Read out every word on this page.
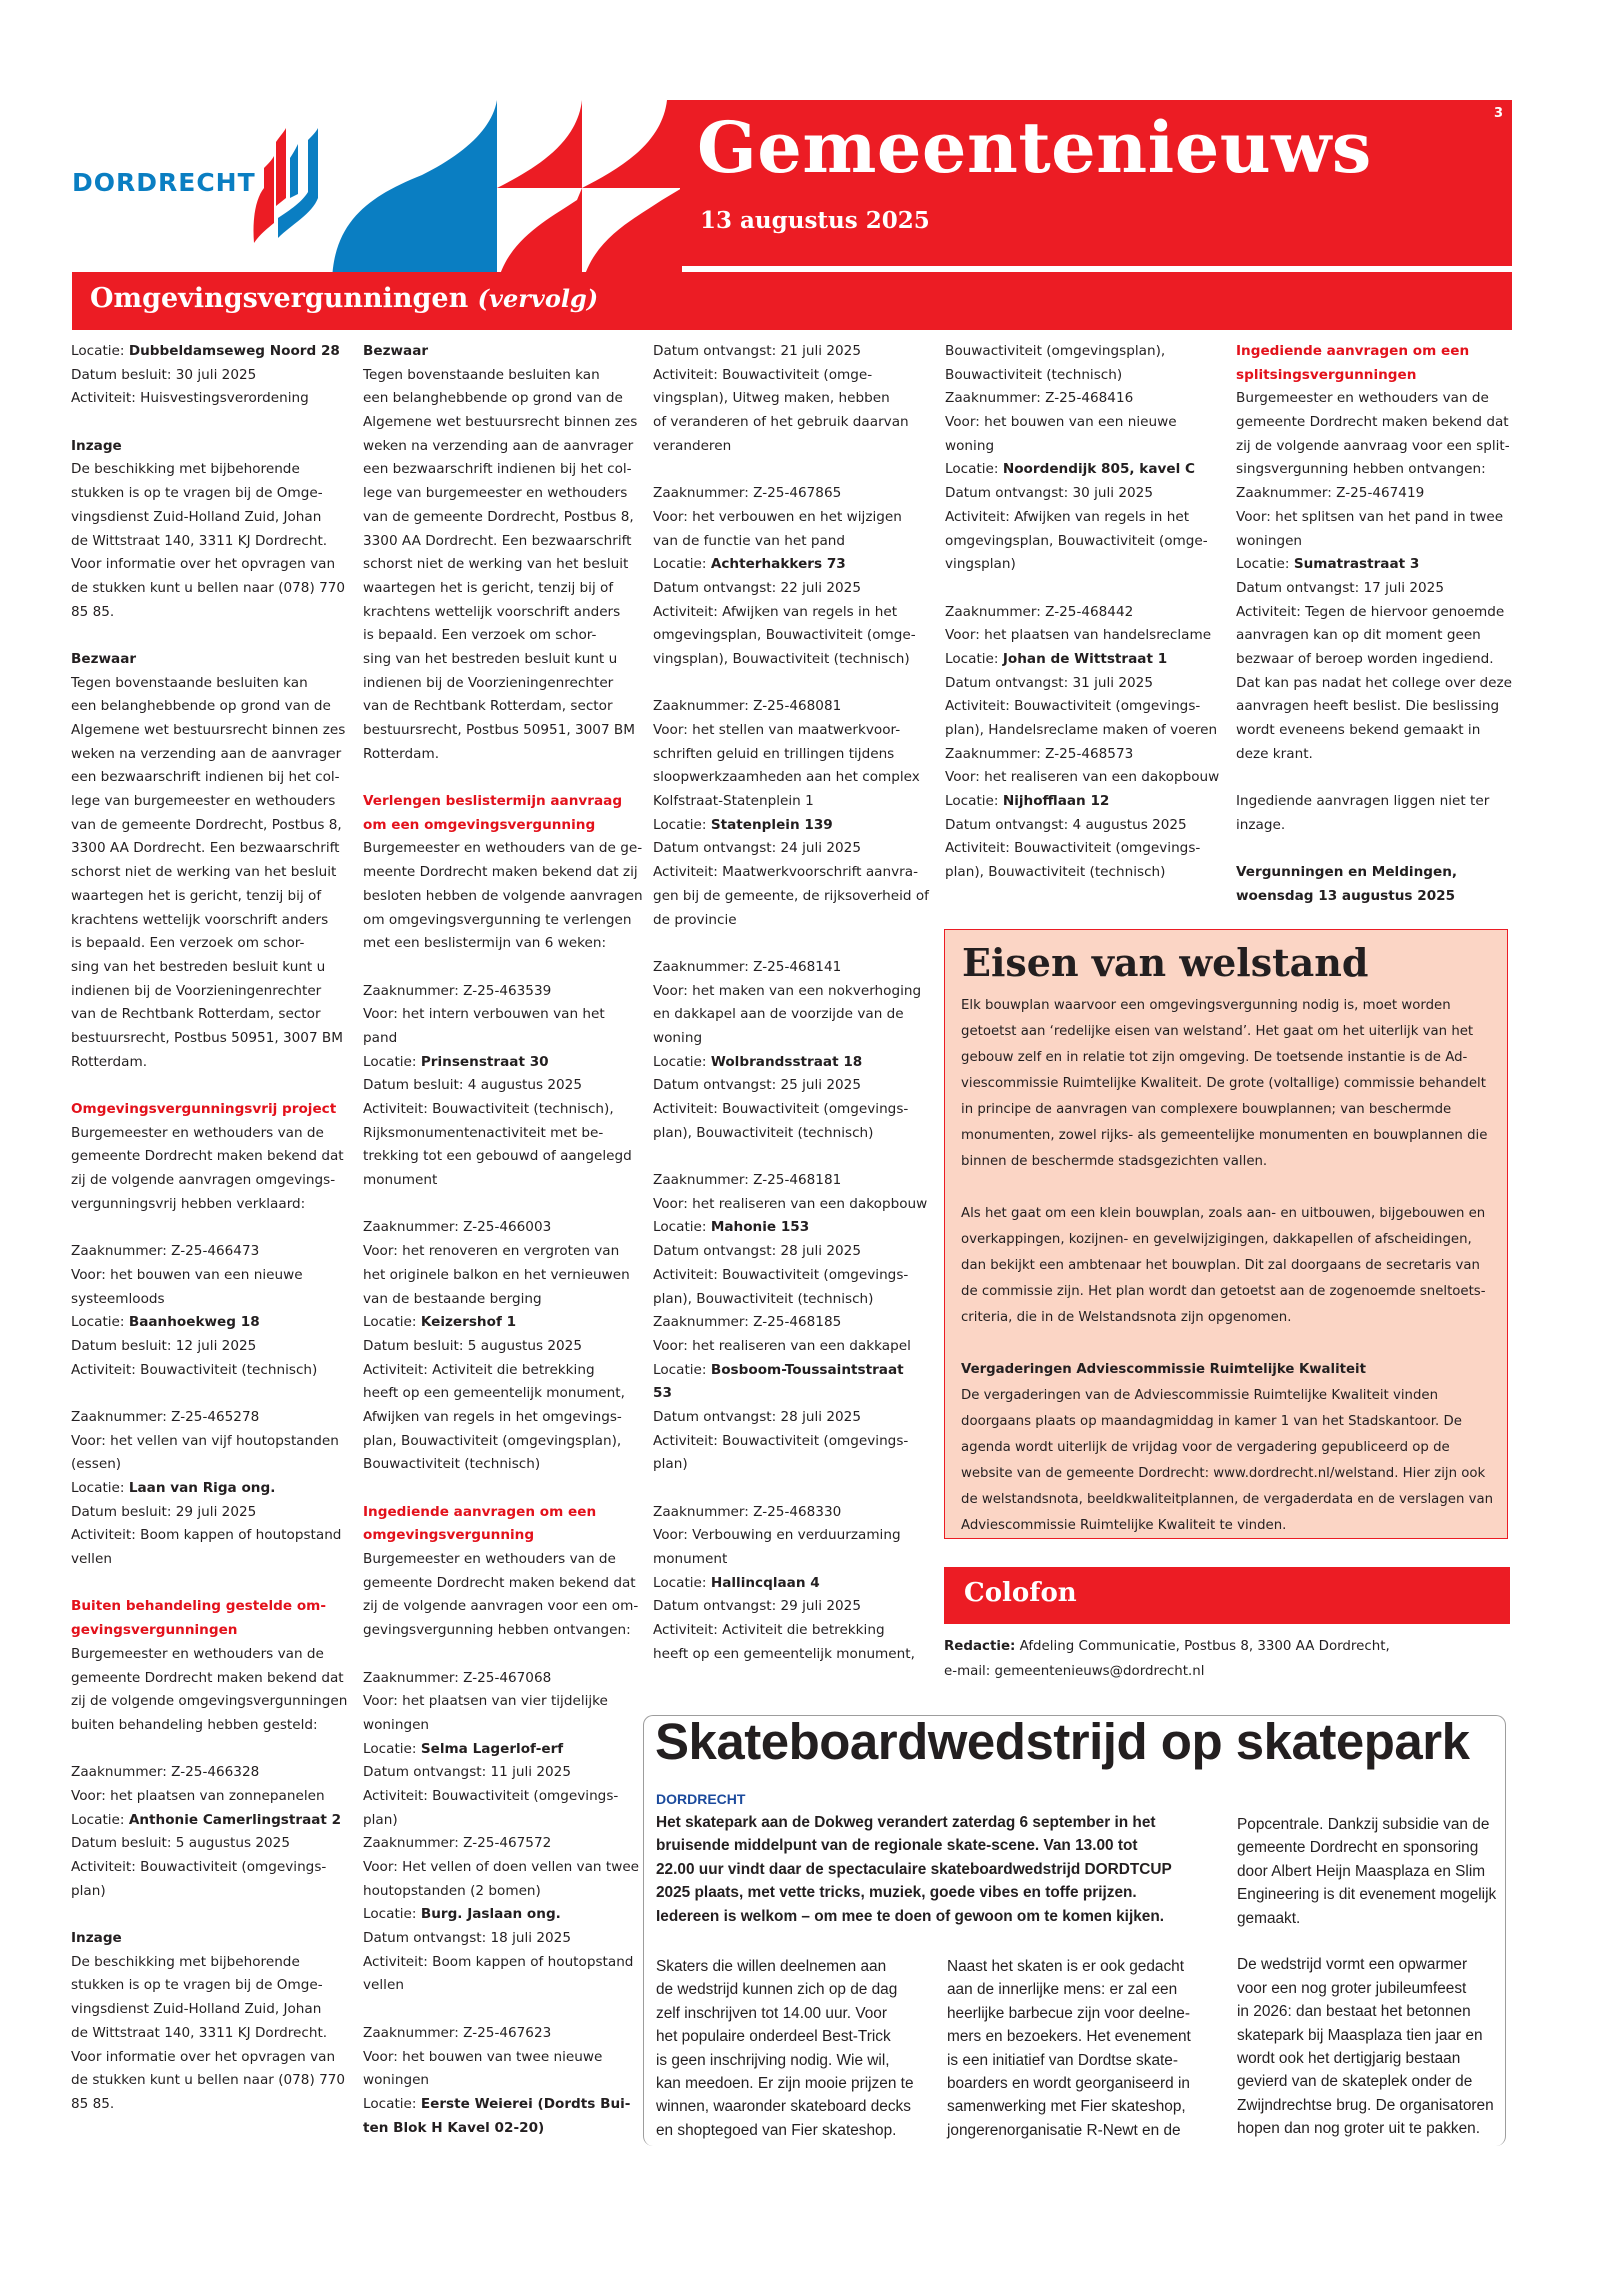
DORDRECHT	Gemeentenieuws
13 augustus 2025
3
Omgevingsvergunningen (vervolg)
Locatie: Dubbeldamseweg Noord 28
Datum besluit: 30 juli 2025
Activiteit: Huisvestingsverordening
Inzage
De beschikking met bijbehorende
stukken is op te vragen bij de Omge-
vingsdienst Zuid-Holland Zuid, Johan
de Wittstraat 140, 3311 KJ Dordrecht.
Voor informatie over het opvragen van
de stukken kunt u bellen naar (078) 770
85 85.
Bezwaar
Tegen bovenstaande besluiten kan
een belanghebbende op grond van de
Algemene wet bestuursrecht binnen zes
weken na verzending aan de aanvrager
een bezwaarschrift indienen bij het col-
lege van burgemeester en wethouders
van de gemeente Dordrecht, Postbus 8,
3300 AA Dordrecht. Een bezwaarschrift
schorst niet de werking van het besluit
waartegen het is gericht, tenzij bij of
krachtens wettelijk voorschrift anders
is bepaald. Een verzoek om schor-
sing van het bestreden besluit kunt u
indienen bij de Voorzieningenrechter
van de Rechtbank Rotterdam, sector
bestuursrecht, Postbus 50951, 3007 BM
Rotterdam.
Omgevingsvergunningsvrij project
Burgemeester en wethouders van de
gemeente Dordrecht maken bekend dat
zij de volgende aanvragen omgevings-
vergunningsvrij hebben verklaard:
Zaaknummer: Z-25-466473
Voor: het bouwen van een nieuwe
systeemloods
Locatie: Baanhoekweg 18
Datum besluit: 12 juli 2025
Activiteit: Bouwactiviteit (technisch)
Zaaknummer: Z-25-465278
Voor: het vellen van vijf houtopstanden
(essen)
Locatie: Laan van Riga ong.
Datum besluit: 29 juli 2025
Activiteit: Boom kappen of houtopstand
vellen
Buiten behandeling gestelde om-
gevingsvergunningen
Burgemeester en wethouders van de
gemeente Dordrecht maken bekend dat
zij de volgende omgevingsvergunningen
buiten behandeling hebben gesteld:
Zaaknummer: Z-25-466328
Voor: het plaatsen van zonnepanelen
Locatie: Anthonie Camerlingstraat 2
Datum besluit: 5 augustus 2025
Activiteit: Bouwactiviteit (omgevings-
plan)
Inzage
De beschikking met bijbehorende
stukken is op te vragen bij de Omge-
vingsdienst Zuid-Holland Zuid, Johan
de Wittstraat 140, 3311 KJ Dordrecht.
Voor informatie over het opvragen van
de stukken kunt u bellen naar (078) 770
85 85.
Bezwaar
Tegen bovenstaande besluiten kan
een belanghebbende op grond van de
Algemene wet bestuursrecht binnen zes
weken na verzending aan de aanvrager
een bezwaarschrift indienen bij het col-
lege van burgemeester en wethouders
van de gemeente Dordrecht, Postbus 8,
3300 AA Dordrecht. Een bezwaarschrift
schorst niet de werking van het besluit
waartegen het is gericht, tenzij bij of
krachtens wettelijk voorschrift anders
is bepaald. Een verzoek om schor-
sing van het bestreden besluit kunt u
indienen bij de Voorzieningenrechter
van de Rechtbank Rotterdam, sector
bestuursrecht, Postbus 50951, 3007 BM
Rotterdam.
Verlengen beslistermijn aanvraag
om een omgevingsvergunning
Burgemeester en wethouders van de ge-
meente Dordrecht maken bekend dat zij
besloten hebben de volgende aanvragen
om omgevingsvergunning te verlengen
met een beslistermijn van 6 weken:
Zaaknummer: Z-25-463539
Voor: het intern verbouwen van het
pand
Locatie: Prinsenstraat 30
Datum besluit: 4 augustus 2025
Activiteit: Bouwactiviteit (technisch),
Rijksmonumentenactiviteit met be-
trekking tot een gebouwd of aangelegd
monument
Zaaknummer: Z-25-466003
Voor: het renoveren en vergroten van
het originele balkon en het vernieuwen
van de bestaande berging
Locatie: Keizershof 1
Datum besluit: 5 augustus 2025
Activiteit: Activiteit die betrekking
heeft op een gemeentelijk monument,
Afwijken van regels in het omgevings-
plan, Bouwactiviteit (omgevingsplan),
Bouwactiviteit (technisch)
Ingediende aanvragen om een
omgevingsvergunning
Burgemeester en wethouders van de
gemeente Dordrecht maken bekend dat
zij de volgende aanvragen voor een om-
gevingsvergunning hebben ontvangen:
Zaaknummer: Z-25-467068
Voor: het plaatsen van vier tijdelijke
woningen
Locatie: Selma Lagerlof-erf
Datum ontvangst: 11 juli 2025
Activiteit: Bouwactiviteit (omgevings-
plan)
Zaaknummer: Z-25-467572
Voor: Het vellen of doen vellen van twee
houtopstanden (2 bomen)
Locatie: Burg. Jaslaan ong.
Datum ontvangst: 18 juli 2025
Activiteit: Boom kappen of houtopstand
vellen
Zaaknummer: Z-25-467623
Voor: het bouwen van twee nieuwe
woningen
Locatie: Eerste Weierei (Dordts Bui-
ten Blok H Kavel 02-20)
Datum ontvangst: 21 juli 2025
Activiteit: Bouwactiviteit (omge-
vingsplan), Uitweg maken, hebben
of veranderen of het gebruik daarvan
veranderen
Zaaknummer: Z-25-467865
Voor: het verbouwen en het wijzigen
van de functie van het pand
Locatie: Achterhakkers 73
Datum ontvangst: 22 juli 2025
Activiteit: Afwijken van regels in het
omgevingsplan, Bouwactiviteit (omge-
vingsplan), Bouwactiviteit (technisch)
Zaaknummer: Z-25-468081
Voor: het stellen van maatwerkvoor-
schriften geluid en trillingen tijdens
sloopwerkzaamheden aan het complex
Kolfstraat-Statenplein 1
Locatie: Statenplein 139
Datum ontvangst: 24 juli 2025
Activiteit: Maatwerkvoorschrift aanvra-
gen bij de gemeente, de rijksoverheid of
de provincie
Zaaknummer: Z-25-468141
Voor: het maken van een nokverhoging
en dakkapel aan de voorzijde van de
woning
Locatie: Wolbrandsstraat 18
Datum ontvangst: 25 juli 2025
Activiteit: Bouwactiviteit (omgevings-
plan), Bouwactiviteit (technisch)
Zaaknummer: Z-25-468181
Voor: het realiseren van een dakopbouw
Locatie: Mahonie 153
Datum ontvangst: 28 juli 2025
Activiteit: Bouwactiviteit (omgevings-
plan), Bouwactiviteit (technisch)
Zaaknummer: Z-25-468185
Voor: het realiseren van een dakkapel
Locatie: Bosboom-Toussaintstraat
53
Datum ontvangst: 28 juli 2025
Activiteit: Bouwactiviteit (omgevings-
plan)
Zaaknummer: Z-25-468330
Voor: Verbouwing en verduurzaming
monument
Locatie: Hallincqlaan 4
Datum ontvangst: 29 juli 2025
Activiteit: Activiteit die betrekking
heeft op een gemeentelijk monument,
Bouwactiviteit (omgevingsplan),
Bouwactiviteit (technisch)
Zaaknummer: Z-25-468416
Voor: het bouwen van een nieuwe
woning
Locatie: Noordendijk 805, kavel C
Datum ontvangst: 30 juli 2025
Activiteit: Afwijken van regels in het
omgevingsplan, Bouwactiviteit (omge-
vingsplan)
Zaaknummer: Z-25-468442
Voor: het plaatsen van handelsreclame
Locatie: Johan de Wittstraat 1
Datum ontvangst: 31 juli 2025
Activiteit: Bouwactiviteit (omgevings-
plan), Handelsreclame maken of voeren
Zaaknummer: Z-25-468573
Voor: het realiseren van een dakopbouw
Locatie: Nijhofflaan 12
Datum ontvangst: 4 augustus 2025
Activiteit: Bouwactiviteit (omgevings-
plan), Bouwactiviteit (technisch)
Ingediende aanvragen om een
splitsingsvergunningen
Burgemeester en wethouders van de
gemeente Dordrecht maken bekend dat
zij de volgende aanvraag voor een split-
singsvergunning hebben ontvangen:
Zaaknummer: Z-25-467419
Voor: het splitsen van het pand in twee
woningen
Locatie: Sumatrastraat 3
Datum ontvangst: 17 juli 2025
Activiteit: Tegen de hiervoor genoemde
aanvragen kan op dit moment geen
bezwaar of beroep worden ingediend.
Dat kan pas nadat het college over deze
aanvragen heeft beslist. Die beslissing
wordt eveneens bekend gemaakt in
deze krant.
Ingediende aanvragen liggen niet ter
inzage.
Vergunningen en Meldingen,
woensdag 13 augustus 2025
Eisen van welstand
Elk bouwplan waarvoor een omgevingsvergunning nodig is, moet worden
getoetst aan ‘redelijke eisen van welstand’. Het gaat om het uiterlijk van het
gebouw zelf en in relatie tot zijn omgeving. De toetsende instantie is de Ad-
viescommissie Ruimtelijke Kwaliteit. De grote (voltallige) commissie behandelt
in principe de aanvragen van complexere bouwplannen; van beschermde
monumenten, zowel rijks- als gemeentelijke monumenten en bouwplannen die
binnen de beschermde stadsgezichten vallen.
Als het gaat om een klein bouwplan, zoals aan- en uitbouwen, bijgebouwen en
overkappingen, kozijnen- en gevelwijzigingen, dakkapellen of afscheidingen,
dan bekijkt een ambtenaar het bouwplan. Dit zal doorgaans de secretaris van
de commissie zijn. Het plan wordt dan getoetst aan de zogenoemde sneltoets-
criteria, die in de Welstandsnota zijn opgenomen.
Vergaderingen Adviescommissie Ruimtelijke Kwaliteit
De vergaderingen van de Adviescommissie Ruimtelijke Kwaliteit vinden
doorgaans plaats op maandagmiddag in kamer 1 van het Stadskantoor. De
agenda wordt uiterlijk de vrijdag voor de vergadering gepubliceerd op de
website van de gemeente Dordrecht: www.dordrecht.nl/welstand. Hier zijn ook
de welstandsnota, beeldkwaliteitplannen, de vergaderdata en de verslagen van
Adviescommissie Ruimtelijke Kwaliteit te vinden.
Colofon
Redactie: Afdeling Communicatie, Postbus 8, 3300 AA Dordrecht,
e-mail: gemeentenieuws@dordrecht.nl
Skateboardwedstrijd op skatepark
DORDRECHT
Het skatepark aan de Dokweg verandert zaterdag 6 september in het
bruisende middelpunt van de regionale skate-scene. Van 13.00 tot
22.00 uur vindt daar de spectaculaire skateboardwedstrijd DORDTCUP
2025 plaats, met vette tricks, muziek, goede vibes en toffe prijzen.
Iedereen is welkom – om mee te doen of gewoon om te komen kijken.
Skaters die willen deelnemen aan
de wedstrijd kunnen zich op de dag
zelf inschrijven tot 14.00 uur. Voor
het populaire onderdeel Best-Trick
is geen inschrijving nodig. Wie wil,
kan meedoen. Er zijn mooie prijzen te
winnen, waaronder skateboard decks
en shoptegoed van Fier skateshop.
Naast het skaten is er ook gedacht
aan de innerlijke mens: er zal een
heerlijke barbecue zijn voor deelne-
mers en bezoekers. Het evenement
is een initiatief van Dordtse skate-
boarders en wordt georganiseerd in
samenwerking met Fier skateshop,
jongerenorganisatie R-Newt en de
Popcentrale. Dankzij subsidie van de
gemeente Dordrecht en sponsoring
door Albert Heijn Maasplaza en Slim
Engineering is dit evenement mogelijk
gemaakt.
De wedstrijd vormt een opwarmer
voor een nog groter jubileumfeest
in 2026: dan bestaat het betonnen
skatepark bij Maasplaza tien jaar en
wordt ook het dertigjarig bestaan
gevierd van de skateplek onder de
Zwijndrechtse brug. De organisatoren
hopen dan nog groter uit te pakken.
